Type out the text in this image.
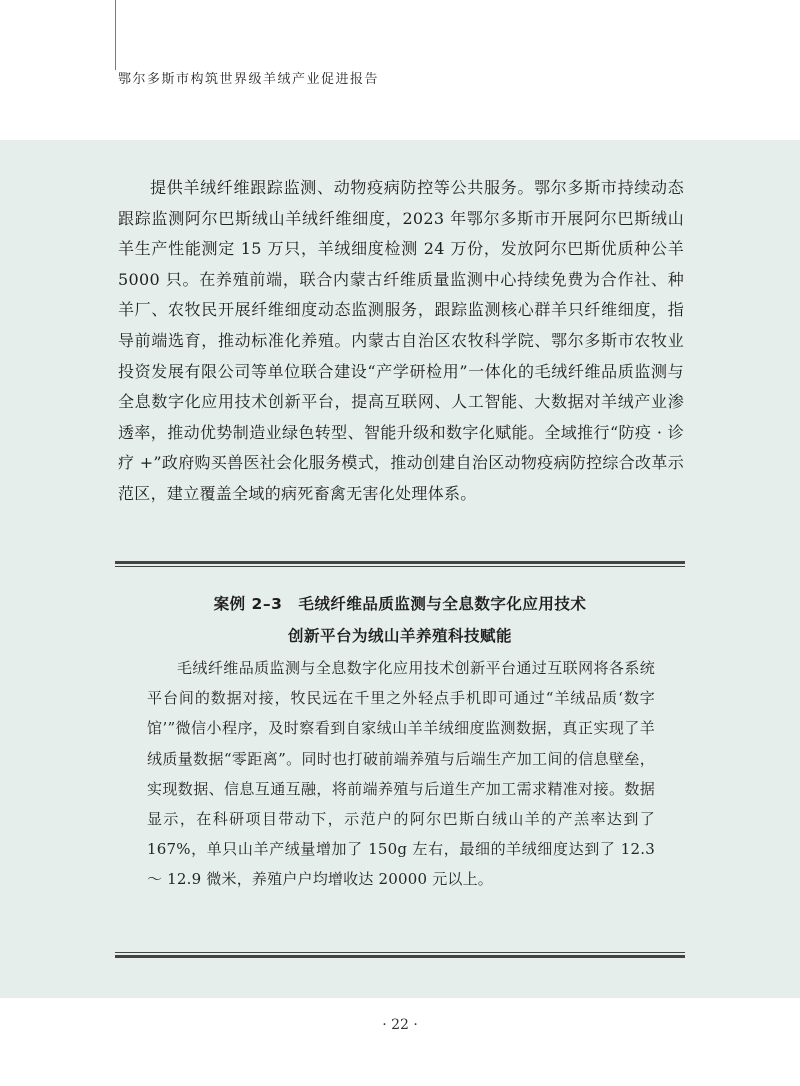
鄂尔多斯市构筑世界级羊绒产业促进报告

提供羊绒纤维跟踪监测、动物疫病防控等公共服务。鄂尔多斯市持续动态跟踪监测阿尔巴斯绒山羊绒纤维细度，2023 年鄂尔多斯市开展阿尔巴斯绒山羊生产性能测定 15 万只，羊绒细度检测 24 万份，发放阿尔巴斯优质种公羊 5000 只。在养殖前端，联合内蒙古纤维质量监测中心持续免费为合作社、种羊厂、农牧民开展纤维细度动态监测服务，跟踪监测核心群羊只纤维细度，指导前端选育，推动标准化养殖。内蒙古自治区农牧科学院、鄂尔多斯市农牧业投资发展有限公司等单位联合建设“产学研检用”一体化的毛绒纤维品质监测与全息数字化应用技术创新平台，提高互联网、人工智能、大数据对羊绒产业渗透率，推动优势制造业绿色转型、智能升级和数字化赋能。全域推行“防疫 · 诊疗 +”政府购买兽医社会化服务模式，推动创建自治区动物疫病防控综合改革示范区，建立覆盖全域的病死畜禽无害化处理体系。

案例 2–3　毛绒纤维品质监测与全息数字化应用技术
创新平台为绒山羊养殖科技赋能

毛绒纤维品质监测与全息数字化应用技术创新平台通过互联网将各系统平台间的数据对接，牧民远在千里之外轻点手机即可通过“羊绒品质‘数字馆’”微信小程序，及时察看到自家绒山羊羊绒细度监测数据，真正实现了羊绒质量数据“零距离”。同时也打破前端养殖与后端生产加工间的信息壁垒，实现数据、信息互通互融，将前端养殖与后道生产加工需求精准对接。数据显示，在科研项目带动下，示范户的阿尔巴斯白绒山羊的产羔率达到了 167%，单只山羊产绒量增加了 150g 左右，最细的羊绒细度达到了 12.3 ～ 12.9 微米，养殖户户均增收达 20000 元以上。

· 22 ·
